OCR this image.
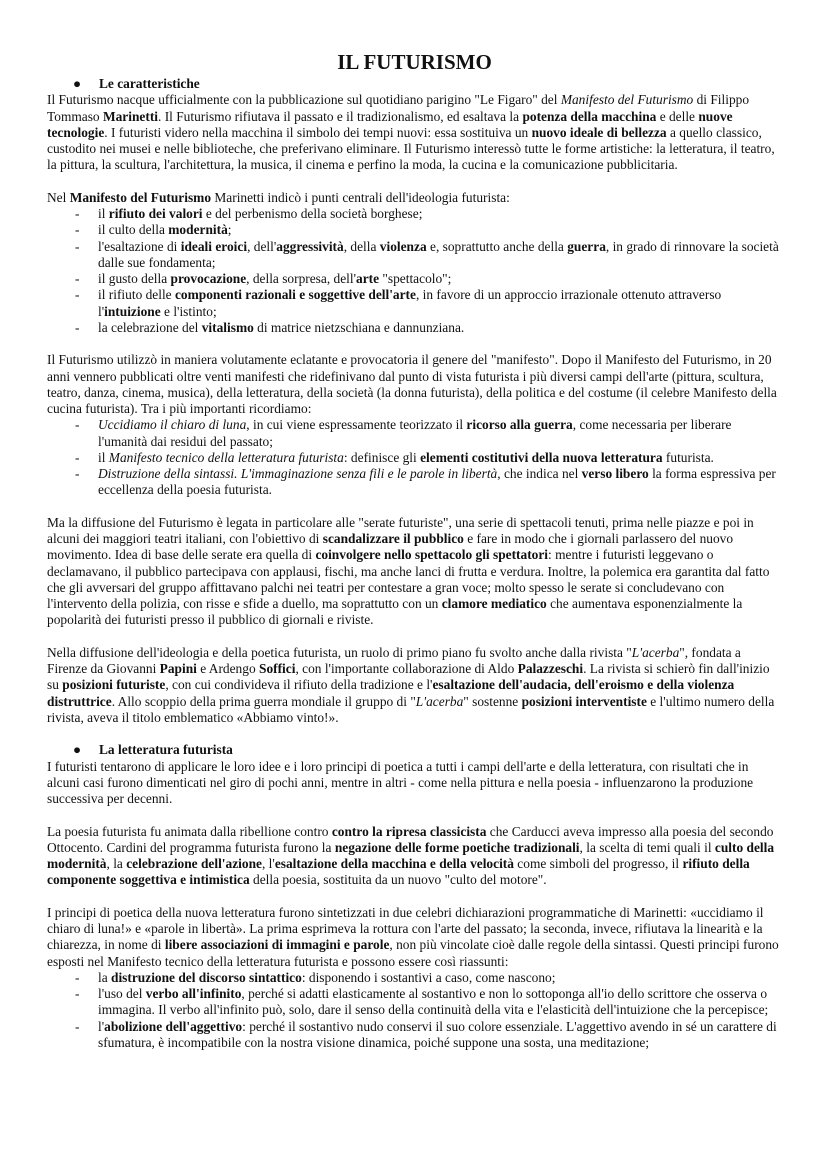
IL FUTURISMO
● Le caratteristiche

Il Futurismo nacque ufficialmente con la pubblicazione sul quotidiano parigino "Le Figaro" del Manifesto del Futurismo di Filippo Tommaso Marinetti. Il Futurismo rifiutava il passato e il tradizionalismo, ed esaltava la potenza della macchina e delle nuove tecnologie. I futuristi videro nella macchina il simbolo dei tempi nuovi: essa sostituiva un nuovo ideale di bellezza a quello classico, custodito nei musei e nelle biblioteche, che preferivano eliminare. Il Futurismo interessò tutte le forme artistiche: la letteratura, il teatro, la pittura, la scultura, l'architettura, la musica, il cinema e perfino la moda, la cucina e la comunicazione pubblicitaria.

Nel Manifesto del Futurismo Marinetti indicò i punti centrali dell'ideologia futurista:

- il rifiuto dei valori e del perbenismo della società borghese;
- il culto della modernità;
- l'esaltazione di ideali eroici, dell'aggressività, della violenza e, soprattutto anche della guerra, in grado di rinnovare la società dalle sue fondamenta;
- il gusto della provocazione, della sorpresa, dell'arte "spettacolo";
- il rifiuto delle componenti razionali e soggettive dell'arte, in favore di un approccio irrazionale ottenuto attraverso l'intuizione e l'istinto;
- la celebrazione del vitalismo di matrice nietzschiana e dannunziana.

Il Futurismo utilizzò in maniera volutamente eclatante e provocatoria il genere del "manifesto". Dopo il Manifesto del Futurismo, in 20 anni vennero pubblicati oltre venti manifesti che ridefinivano dal punto di vista futurista i più diversi campi dell'arte (pittura, scultura, teatro, danza, cinema, musica), della letteratura, della società (la donna futurista), della politica e del costume (il celebre Manifesto della cucina futurista). Tra i più importanti ricordiamo:

- Uccidiamo il chiaro di luna, in cui viene espressamente teorizzato il ricorso alla guerra, come necessaria per liberare l'umanità dai residui del passato;
- il Manifesto tecnico della letteratura futurista: definisce gli elementi costitutivi della nuova letteratura futurista.
- Distruzione della sintassi. L'immaginazione senza fili e le parole in libertà, che indica nel verso libero la forma espressiva per eccellenza della poesia futurista.

Ma la diffusione del Futurismo è legata in particolare alle "serate futuriste", una serie di spettacoli tenuti, prima nelle piazze e poi in alcuni dei maggiori teatri italiani, con l'obiettivo di scandalizzare il pubblico e fare in modo che i giornali parlassero del nuovo movimento. Idea di base delle serate era quella di coinvolgere nello spettacolo gli spettatori: mentre i futuristi leggevano o declamavano, il pubblico partecipava con applausi, fischi, ma anche lanci di frutta e verdura. Inoltre, la polemica era garantita dal fatto che gli avversari del gruppo affittavano palchi nei teatri per contestare a gran voce; molto spesso le serate si concludevano con l'intervento della polizia, con risse e sfide a duello, ma soprattutto con un clamore mediatico che aumentava esponenzialmente la popolarità dei futuristi presso il pubblico di giornali e riviste.

Nella diffusione dell'ideologia e della poetica futurista, un ruolo di primo piano fu svolto anche dalla rivista "L'acerba", fondata a Firenze da Giovanni Papini e Ardengo Soffici, con l'importante collaborazione di Aldo Palazzeschi. La rivista si schierò fin dall'inizio su posizioni futuriste, con cui condivideva il rifiuto della tradizione e l'esaltazione dell'audacia, dell'eroismo e della violenza distruttrice. Allo scoppio della prima guerra mondiale il gruppo di "L'acerba" sostenne posizioni interventiste e l'ultimo numero della rivista, aveva il titolo emblematico «Abbiamo vinto!».

● La letteratura futurista

I futuristi tentarono di applicare le loro idee e i loro principi di poetica a tutti i campi dell'arte e della letteratura, con risultati che in alcuni casi furono dimenticati nel giro di pochi anni, mentre in altri - come nella pittura e nella poesia - influenzarono la produzione successiva per decenni.

La poesia futurista fu animata dalla ribellione contro contro la ripresa classicista che Carducci aveva impresso alla poesia del secondo Ottocento. Cardini del programma futurista furono la negazione delle forme poetiche tradizionali, la scelta di temi quali il culto della modernità, la celebrazione dell'azione, l'esaltazione della macchina e della velocità come simboli del progresso, il rifiuto della componente soggettiva e intimistica della poesia, sostituita da un nuovo "culto del motore".

I principi di poetica della nuova letteratura furono sintetizzati in due celebri dichiarazioni programmatiche di Marinetti: «uccidiamo il chiaro di luna!» e «parole in libertà». La prima esprimeva la rottura con l'arte del passato; la seconda, invece, rifiutava la linearità e la chiarezza, in nome di libere associazioni di immagini e parole, non più vincolate cioè dalle regole della sintassi. Questi principi furono esposti nel Manifesto tecnico della letteratura futurista e possono essere così riassunti:

- la distruzione del discorso sintattico: disponendo i sostantivi a caso, come nascono;
- l'uso del verbo all'infinito, perché si adatti elasticamente al sostantivo e non lo sottoponga all'io dello scrittore che osserva o immagina. Il verbo all'infinito può, solo, dare il senso della continuità della vita e l'elasticità dell'intuizione che la percepisce;
- l'abolizione dell'aggettivo: perché il sostantivo nudo conservi il suo colore essenziale. L'aggettivo avendo in sé un carattere di sfumatura, è incompatibile con la nostra visione dinamica, poiché suppone una sosta, una meditazione;
